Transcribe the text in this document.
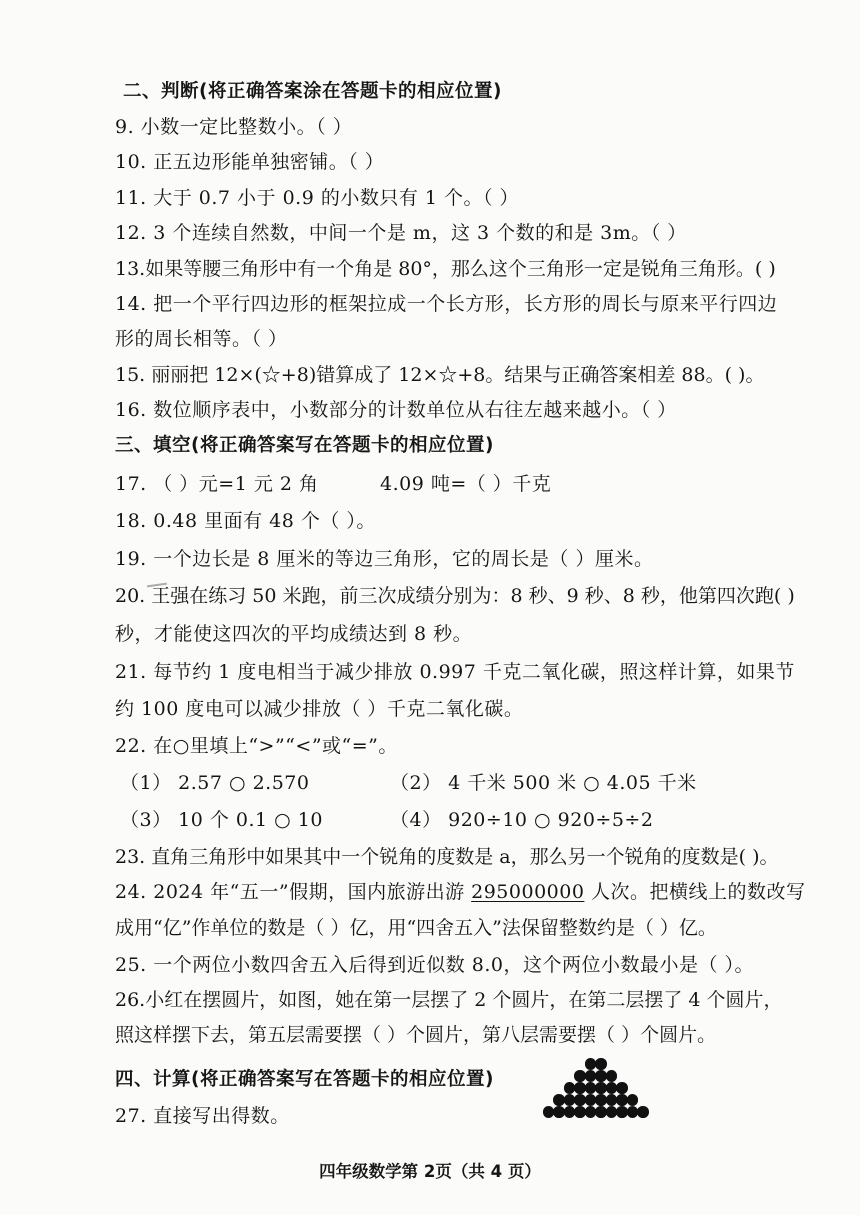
二、判断(将正确答案涂在答题卡的相应位置)
9. 小数一定比整数小。（ ）
10. 正五边形能单独密铺。（ ）
11. 大于 0.7 小于 0.9 的小数只有 1 个。（ ）
12. 3 个连续自然数，中间一个是 m，这 3 个数的和是 3m。（ ）
13.如果等腰三角形中有一个角是 80°，那么这个三角形一定是锐角三角形。( )
14. 把一个平行四边形的框架拉成一个长方形，长方形的周长与原来平行四边
形的周长相等。（ ）
15. 丽丽把 12×(☆+8)错算成了 12×☆+8。结果与正确答案相差 88。( )。
16. 数位顺序表中，小数部分的计数单位从右往左越来越小。（ ）
三、填空(将正确答案写在答题卡的相应位置)
17. （ ）元=1 元 2 角	4.09 吨=（ ）千克
18. 0.48 里面有 48 个（ ）。
19. 一个边长是 8 厘米的等边三角形，它的周长是（ ）厘米。
20. 王强在练习 50 米跑，前三次成绩分别为：8 秒、9 秒、8 秒，他第四次跑( )
秒，才能使这四次的平均成绩达到 8 秒。
21. 每节约 1 度电相当于减少排放 0.997 千克二氧化碳，照这样计算，如果节
约 100 度电可以减少排放（ ）千克二氧化碳。
22. 在○里填上“>”“<”或“=”。
（1） 2.57 ○ 2.570	（2） 4 千米 500 米 ○ 4.05 千米
（3） 10 个 0.1 ○ 10	（4） 920÷10 ○ 920÷5÷2
23. 直角三角形中如果其中一个锐角的度数是 a，那么另一个锐角的度数是( )。
24. 2024 年“五一”假期，国内旅游出游 295000000 人次。把横线上的数改写
成用“亿”作单位的数是（ ）亿，用“四舍五入”法保留整数约是（ ）亿。
25. 一个两位小数四舍五入后得到近似数 8.0，这个两位小数最小是（ ）。
26.小红在摆圆片，如图，她在第一层摆了 2 个圆片，在第二层摆了 4 个圆片，
照这样摆下去，第五层需要摆（ ）个圆片，第八层需要摆（ ）个圆片。
四、计算(将正确答案写在答题卡的相应位置)
27. 直接写出得数。
四年级数学第 2页（共 4 页）
